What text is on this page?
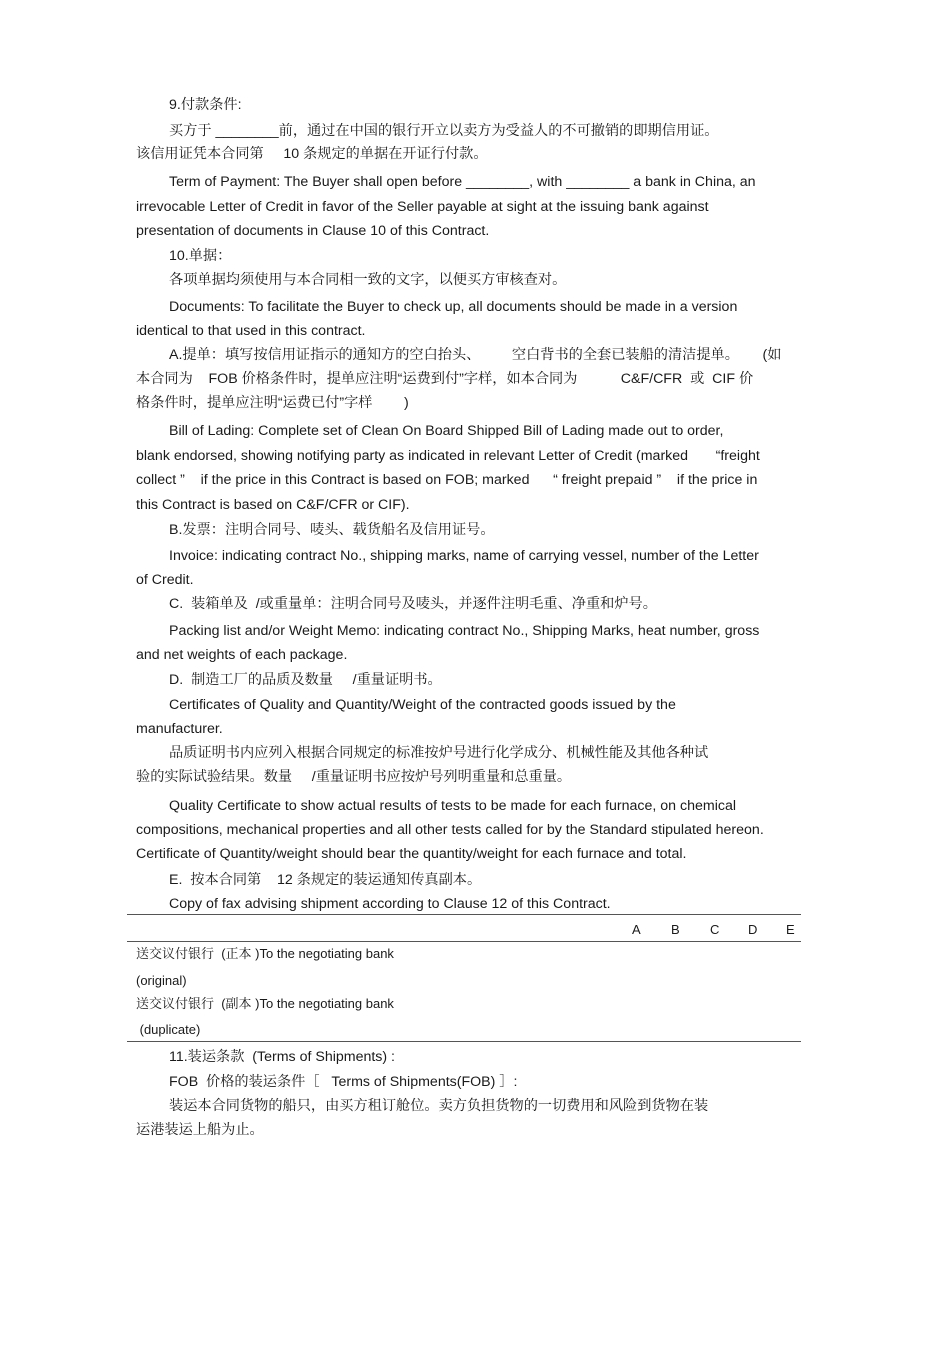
9.付款条件:
买方于 ________前，通过在中国的银行开立以卖方为受益人的不可撤销的即期信用证。
该信用证凭本合同第     10 条规定的单据在开证行付款。
Term of Payment: The Buyer shall open before ________, with ________ a bank in China, an
irrevocable Letter of Credit in favor of the Seller payable at sight at the issuing bank against
presentation of documents in Clause 10 of this Contract.
10.单据：
各项单据均须使用与本合同相一致的文字，以便买方审核查对。
Documents: To facilitate the Buyer to check up, all documents should be made in a version
identical to that used in this contract.
A.提单：填写按信用证指示的通知方的空白抬头、        空白背书的全套已装船的清洁提单。      (如
本合同为    FOB 价格条件时，提单应注明“运费到付”字样，如本合同为           C&F/CFR  或  CIF 价
格条件时，提单应注明“运费已付”字样        )
Bill of Lading: Complete set of Clean On Board Shipped Bill of Lading made out to order,
blank endorsed, showing notifying party as indicated in relevant Letter of Credit (marked       “freight
collect ”    if the price in this Contract is based on FOB; marked      “ freight prepaid ”    if the price in
this Contract is based on C&F/CFR or CIF).
B.发票：注明合同号、唛头、载货船名及信用证号。
Invoice: indicating contract No., shipping marks, name of carrying vessel, number of the Letter
of Credit.
C.  装箱单及  /或重量单：注明合同号及唛头，并逐件注明毛重、净重和炉号。
Packing list and/or Weight Memo: indicating contract No., Shipping Marks, heat number, gross
and net weights of each package.
D.  制造工厂的品质及数量     /重量证明书。
Certificates of Quality and Quantity/Weight of the contracted goods issued by the
manufacturer.
品质证明书内应列入根据合同规定的标准按炉号进行化学成分、机械性能及其他各种试
验的实际试验结果。数量     /重量证明书应按炉号列明重量和总重量。
Quality Certificate to show actual results of tests to be made for each furnace, on chemical
compositions, mechanical properties and all other tests called for by the Standard stipulated hereon.
Certificate of Quantity/weight should bear the quantity/weight for each furnace and total.
E.  按本合同第    12 条规定的装运通知传真副本。
Copy of fax advising shipment according to Clause 12 of this Contract.
A B C D E
送交议付银行  (正本 )To the negotiating bank
(original)
送交议付银行  (副本 )To the negotiating bank
(duplicate)
11.装运条款  (Terms of Shipments) :
FOB  价格的装运条件［   Terms of Shipments(FOB) ］:
装运本合同货物的船只，由买方租订舱位。卖方负担货物的一切费用和风险到货物在装
运港装运上船为止。
